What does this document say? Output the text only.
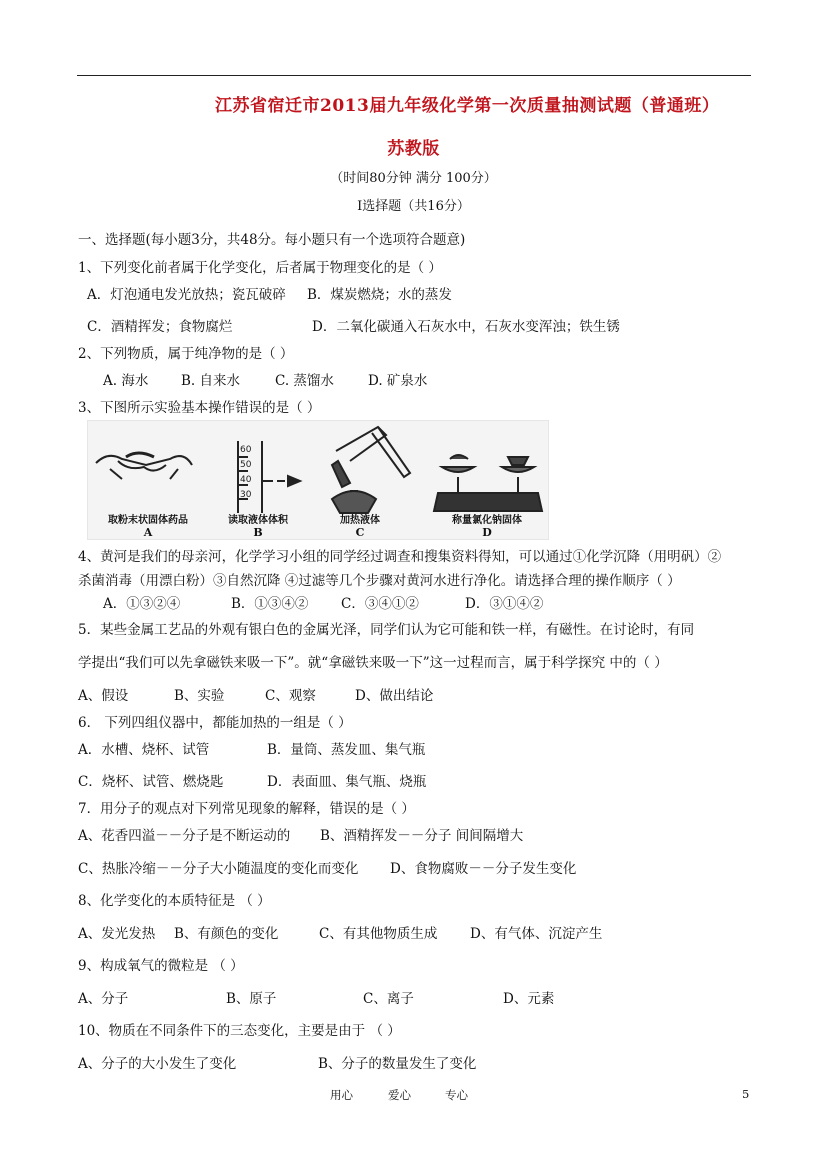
江苏省宿迁市2013届九年级化学第一次质量抽测试题（普通班）
苏教版
（时间80分钟 满分 100分）
Ⅰ选择题（共16分）
一、选择题(每小题3分，共48分。每小题只有一个选项符合题意)
1、下列变化前者属于化学变化，后者属于物理变化的是（ ）
A．灯泡通电发光放热；瓷瓦破碎 B．煤炭燃烧；水的蒸发
C．酒精挥发；食物腐烂	D．二氧化碳通入石灰水中，石灰水变浑浊；铁生锈
2、下列物质，属于纯净物的是（ ）
A. 海水 B. 自来水	C. 蒸馏水	D. 矿泉水
3、下图所示实验基本操作错误的是（ ）
60
50
40
30
取粉末状固体药品
A
读取液体体积
B
加热液体
C
称量氯化钠固体
D
4、黄河是我们的母亲河，化学学习小组的同学经过调查和搜集资料得知，可以通过①化学沉降（用明矾）②
杀菌消毒（用漂白粉）③自然沉降 ④过滤等几个步骤对黄河水进行净化。请选择合理的操作顺序（ ）
A．①③②④	B．①③④② C．③④①②	D．③①④②
5．某些金属工艺品的外观有银白色的金属光泽，同学们认为它可能和铁一样，有磁性。在讨论时，有同
学提出“我们可以先拿磁铁来吸一下”。就“拿磁铁来吸一下”这一过程而言，属于科学探究 中的（ ）
A、假设	B、实验	C、观察	D、做出结论
6． 下列四组仪器中，都能加热的一组是（ ）
A．水槽、烧杯、试管	B．量筒、蒸发皿、集气瓶
C．烧杯、试管、燃烧匙	D．表面皿、集气瓶、烧瓶
7．用分子的观点对下列常见现象的解释，错误的是（ ）
A、花香四溢－－分子是不断运动的 B、酒精挥发－－分子 间间隔增大
C、热胀冷缩－－分子大小随温度的变化而变化 D、食物腐败－－分子发生变化
8、化学变化的本质特征是 （ ）
A、发光发热 B、有颜色的变化	C、有其他物质生成 D、有气体、沉淀产生
9、构成氧气的微粒是 （ ）
A、分子	B、原子	C、离子	D、元素
10、物质在不同条件下的三态变化，主要是由于 （ ）
A、分子的大小发生了变化	B、分子的数量发生了变化
用心	爱心	专心	5
